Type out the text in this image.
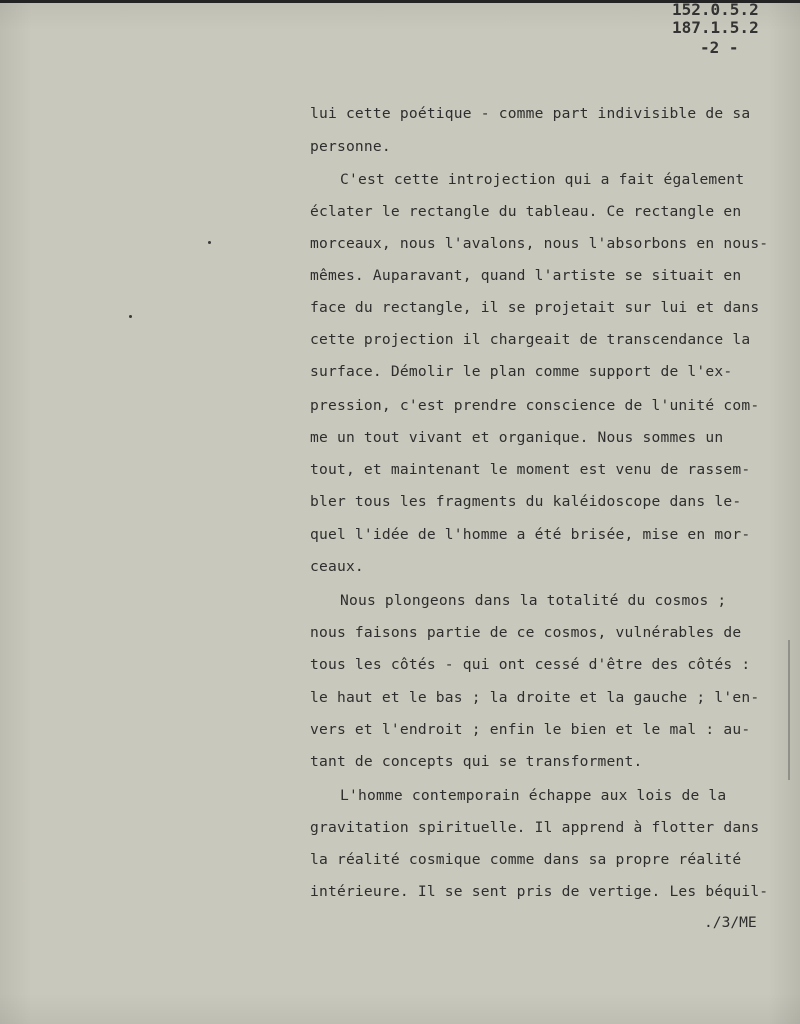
152.0.5.2
187.1.5.2
-2 -
lui cette poétique - comme part indivisible de sa
personne.
C'est cette introjection qui a fait également
éclater le rectangle du tableau. Ce rectangle en
morceaux, nous l'avalons, nous l'absorbons en nous-
mêmes. Auparavant, quand l'artiste se situait en
face du rectangle, il se projetait sur lui et dans
cette projection il chargeait de transcendance la
surface. Démolir le plan comme support de l'ex-
pression, c'est prendre conscience de l'unité com-
me un tout vivant et organique. Nous sommes un
tout, et maintenant le moment est venu de rassem-
bler tous les fragments du kaléidoscope dans le-
quel l'idée de l'homme a été brisée, mise en mor-
ceaux.
Nous plongeons dans la totalité du cosmos ;
nous faisons partie de ce cosmos, vulnérables de
tous les côtés - qui ont cessé d'être des côtés :
le haut et le bas ; la droite et la gauche ; l'en-
vers et l'endroit ; enfin le bien et le mal : au-
tant de concepts qui se transforment.
L'homme contemporain échappe aux lois de la
gravitation spirituelle. Il apprend à flotter dans
la réalité cosmique comme dans sa propre réalité
intérieure. Il se sent pris de vertige. Les béquil-
./3/ME
